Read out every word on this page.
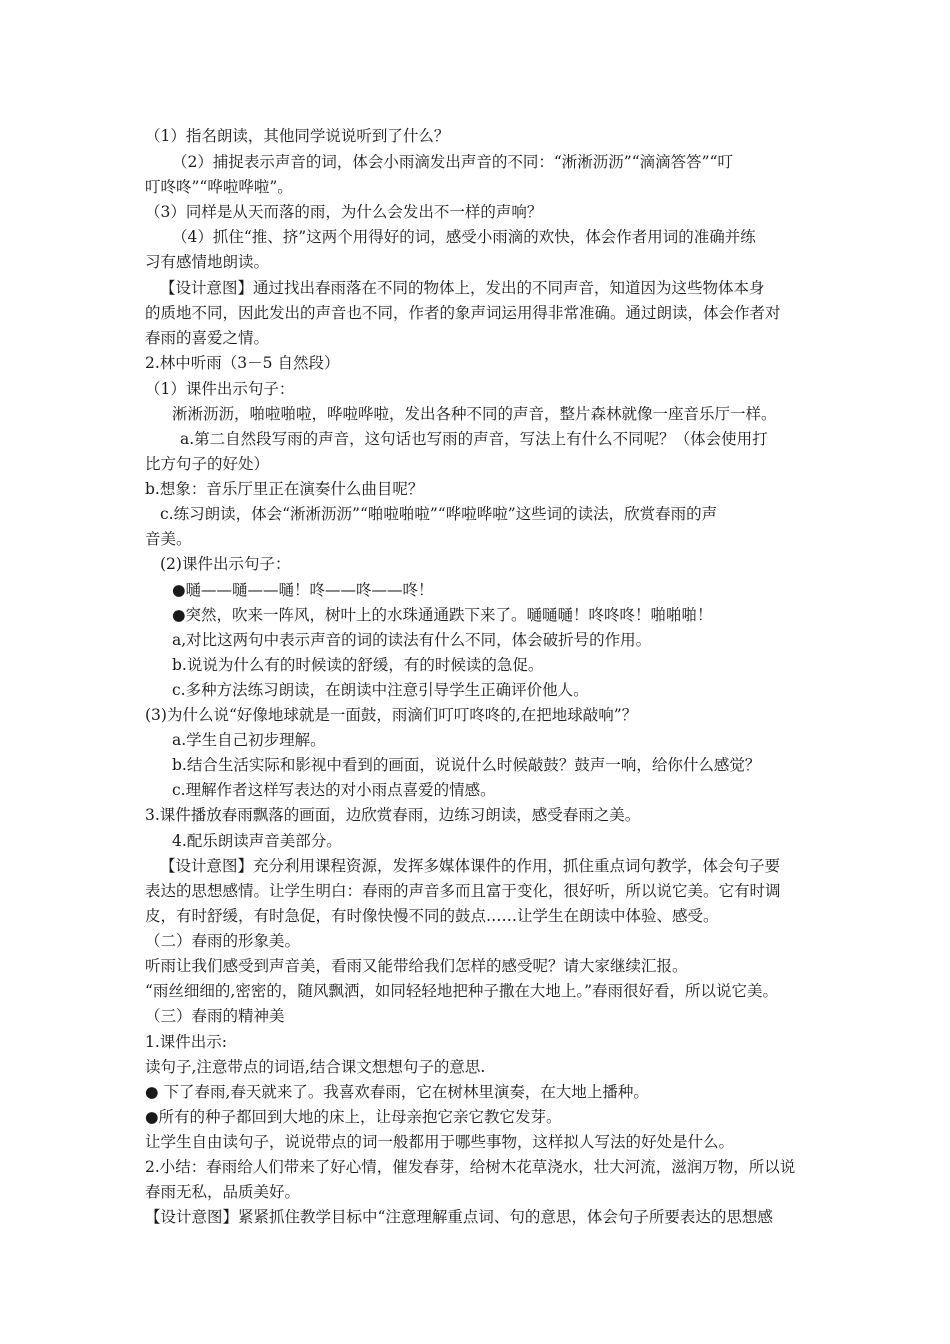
（1）指名朗读，其他同学说说听到了什么？
（2）捕捉表示声音的词，体会小雨滴发出声音的不同：“淅淅沥沥”“滴滴答答”“叮
叮咚咚”“哗啦哗啦”。
（3）同样是从天而落的雨，为什么会发出不一样的声响？
（4）抓住“推、挤”这两个用得好的词，感受小雨滴的欢快，体会作者用词的准确并练
习有感情地朗读。
【设计意图】通过找出春雨落在不同的物体上，发出的不同声音，知道因为这些物体本身
的质地不同，因此发出的声音也不同，作者的象声词运用得非常准确。通过朗读，体会作者对
春雨的喜爱之情。
2.林中听雨（3－5 自然段）
（1）课件出示句子：
淅淅沥沥，啪啦啪啦，哗啦哗啦，发出各种不同的声音，整片森林就像一座音乐厅一样。
a.第二自然段写雨的声音，这句话也写雨的声音，写法上有什么不同呢？（体会使用打
比方句子的好处）
b.想象：音乐厅里正在演奏什么曲目呢？
c.练习朗读，体会“淅淅沥沥”“啪啦啪啦”“哗啦哗啦”这些词的读法，欣赏春雨的声
音美。
(2)课件出示句子：
●嗵——嗵——嗵！咚——咚——咚！
●突然，吹来一阵风，树叶上的水珠通通跌下来了。嗵嗵嗵！咚咚咚！啪啪啪！
a,对比这两句中表示声音的词的读法有什么不同，体会破折号的作用。
b.说说为什么有的时候读的舒缓，有的时候读的急促。
c.多种方法练习朗读，在朗读中注意引导学生正确评价他人。
(3)为什么说“好像地球就是一面鼓，雨滴们叮叮咚咚的,在把地球敲响”？
a.学生自己初步理解。
b.结合生活实际和影视中看到的画面，说说什么时候敲鼓？鼓声一响，给你什么感觉？
c.理解作者这样写表达的对小雨点喜爱的情感。
3.课件播放春雨飘落的画面，边欣赏春雨，边练习朗读，感受春雨之美。
4.配乐朗读声音美部分。
【设计意图】充分利用课程资源，发挥多媒体课件的作用，抓住重点词句教学，体会句子要
表达的思想感情。让学生明白：春雨的声音多而且富于变化，很好听，所以说它美。它有时调
皮，有时舒缓，有时急促，有时像快慢不同的鼓点……让学生在朗读中体验、感受。
（二）春雨的形象美。
听雨让我们感受到声音美，看雨又能带给我们怎样的感受呢？请大家继续汇报。
“雨丝细细的,密密的，随风飘洒，如同轻轻地把种子撒在大地上。”春雨很好看，所以说它美。
（三）春雨的精神美
1.课件出示:
读句子,注意带点的词语,结合课文想想句子的意思.
● 下了春雨,春天就来了。我喜欢春雨，它在树林里演奏，在大地上播种。
●所有的种子都回到大地的床上，让母亲抱它亲它教它发芽。
让学生自由读句子，说说带点的词一般都用于哪些事物，这样拟人写法的好处是什么。
2.小结：春雨给人们带来了好心情，催发春芽，给树木花草浇水，壮大河流，滋润万物，所以说
春雨无私，品质美好。
【设计意图】紧紧抓住教学目标中“注意理解重点词、句的意思，体会句子所要表达的思想感
